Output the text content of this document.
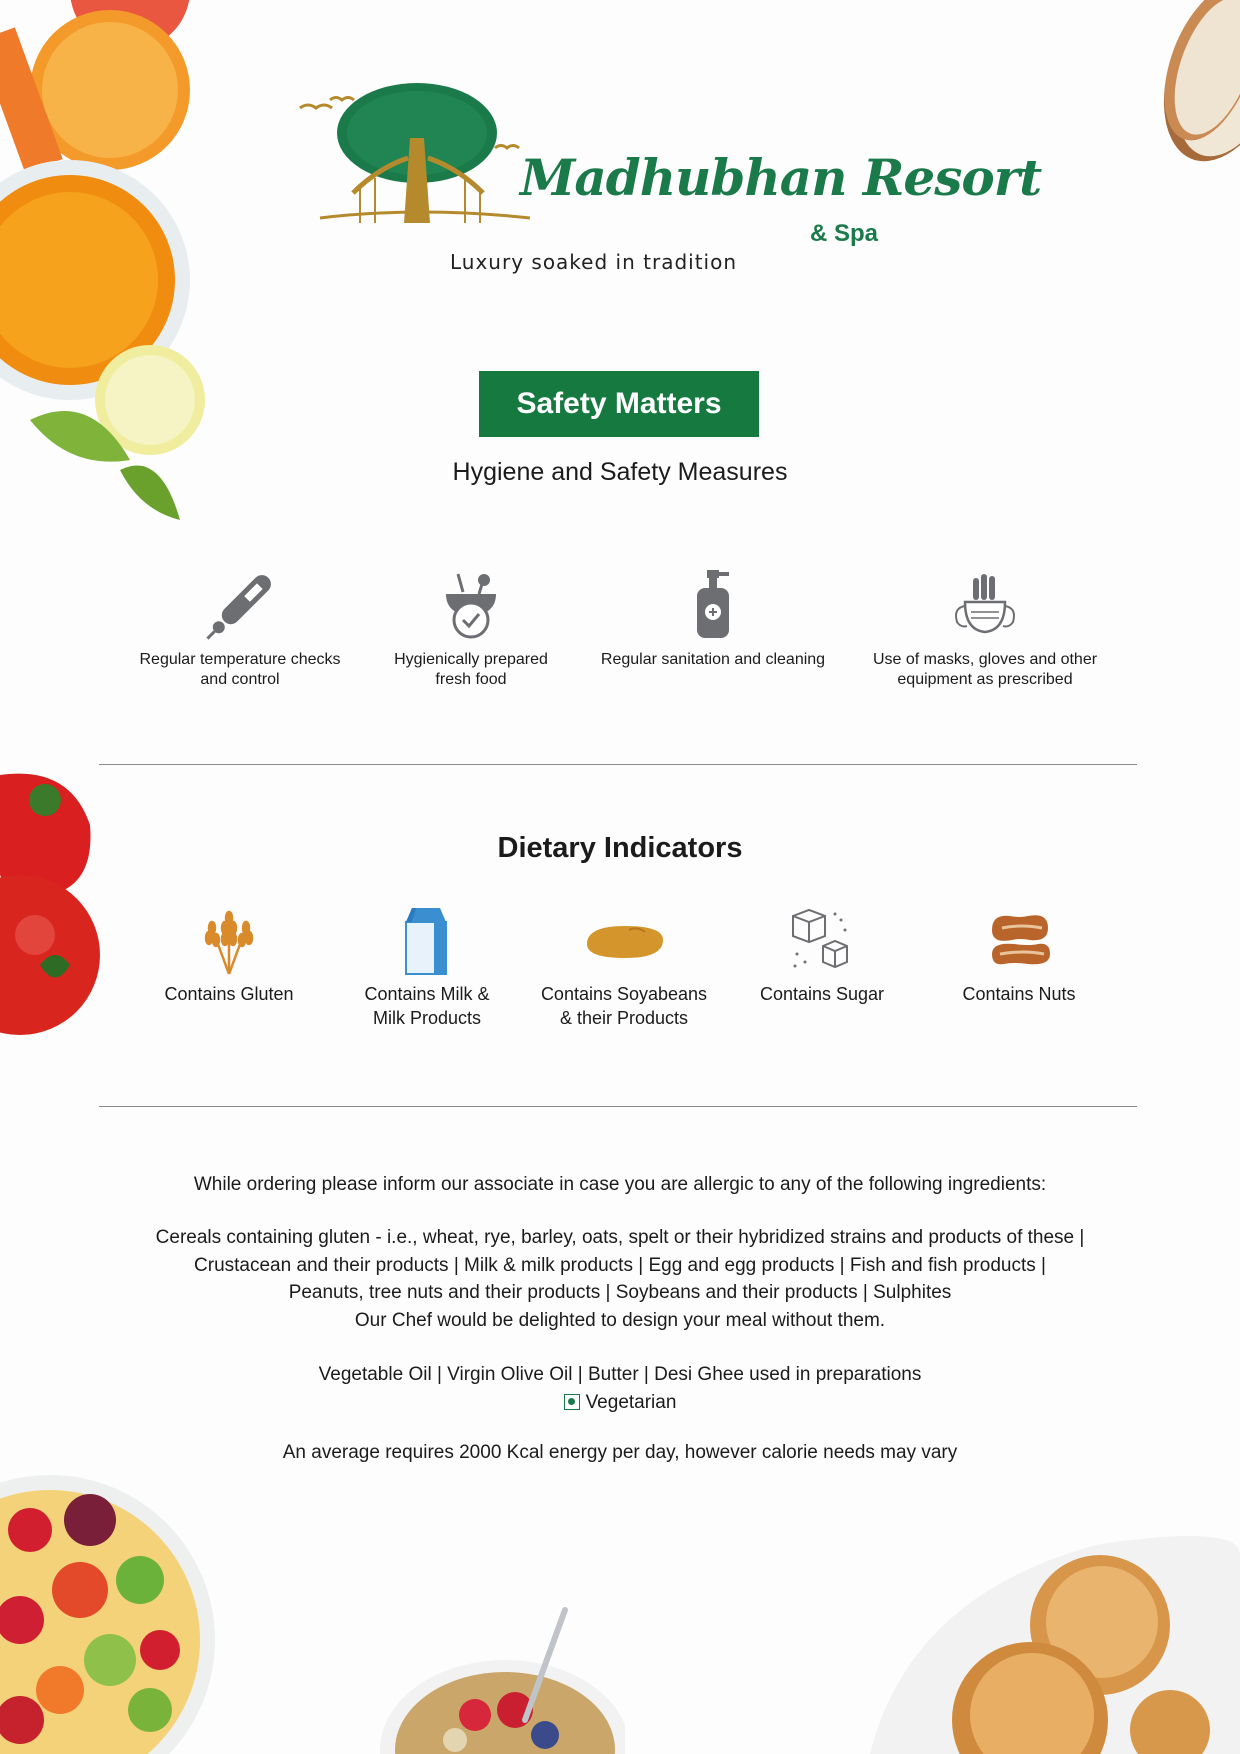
Madhubhan Resort
& Spa
Luxury soaked in tradition
Safety Matters
Hygiene and Safety Measures
Regular temperature checks
and control
Hygienically prepared
fresh food
Regular sanitation and cleaning	Use of masks, gloves and other
equipment as prescribed
Dietary Indicators
Contains Gluten	Contains Milk &
Milk Products
Contains Soyabeans
& their Products
Contains Sugar	Contains Nuts
While ordering please inform our associate in case you are allergic to any of the following ingredients:
Cereals containing gluten - i.e., wheat, rye, barley, oats, spelt or their hybridized strains and products of these |
Crustacean and their products | Milk & milk products | Egg and egg products | Fish and fish products |
Peanuts, tree nuts and their products | Soybeans and their products | Sulphites
Our Chef would be delighted to design your meal without them.
Vegetable Oil | Virgin Olive Oil | Butter | Desi Ghee used in preparations
Vegetarian
An average requires 2000 Kcal energy per day, however calorie needs may vary
